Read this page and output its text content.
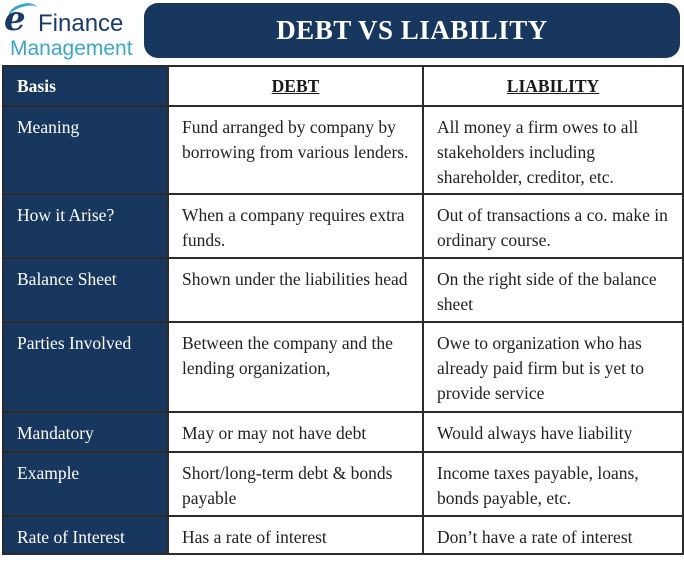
e Finance
Management
DEBT VS LIABILITY
Basis	DEBT	LIABILITY
Meaning	Fund arranged by company by borrowing from various lenders.	All money a firm owes to all stakeholders including shareholder, creditor, etc.
How it Arise?	When a company requires extra funds.	Out of transactions a co. make in ordinary course.
Balance Sheet	Shown under the liabilities head	On the right side of the balance sheet
Parties Involved	Between the company and the lending organization,	Owe to organization who has already paid firm but is yet to provide service
Mandatory	May or may not have debt	Would always have liability
Example	Short/long-term debt & bonds payable	Income taxes payable, loans, bonds payable, etc.
Rate of Interest	Has a rate of interest	Don’t have a rate of interest
